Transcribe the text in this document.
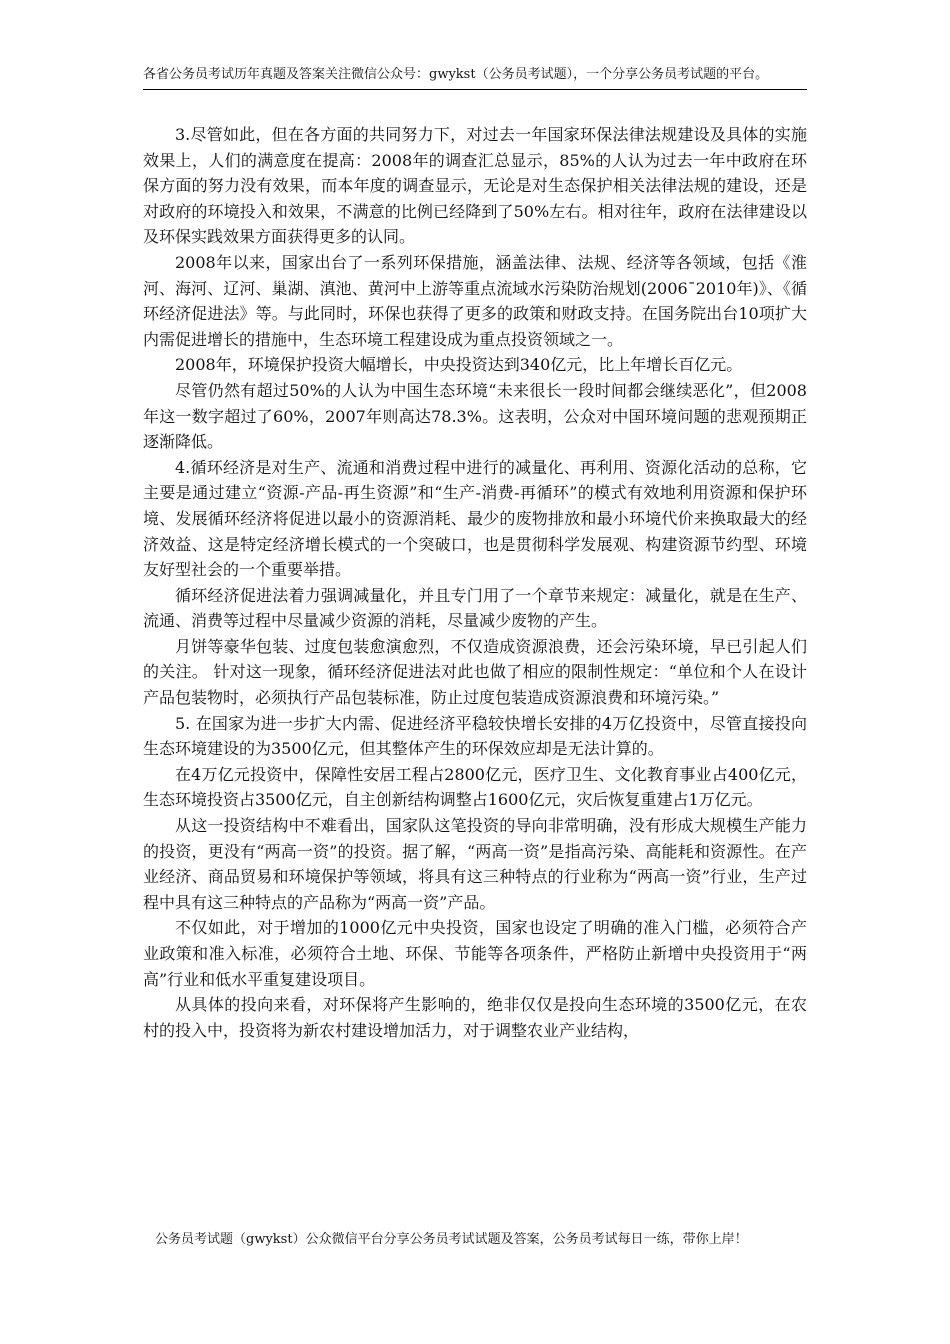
各省公务员考试历年真题及答案关注微信公众号：gwykst（公务员考试题），一个分享公务员考试题的平台。

3.尽管如此，但在各方面的共同努力下，对过去一年国家环保法律法规建设及具体的实施效果上，人们的满意度在提高：2008年的调查汇总显示，85%的人认为过去一年中政府在环保方面的努力没有效果，而本年度的调查显示，无论是对生态保护相关法律法规的建设，还是对政府的环境投入和效果，不满意的比例已经降到了50%左右。相对往年，政府在法律建设以及环保实践效果方面获得更多的认同。

2008年以来，国家出台了一系列环保措施，涵盖法律、法规、经济等各领域，包括《淮河、海河、辽河、巢湖、滇池、黄河中上游等重点流域水污染防治规划(2006¯2010年)》、《循环经济促进法》等。与此同时，环保也获得了更多的政策和财政支持。在国务院出台10项扩大内需促进增长的措施中，生态环境工程建设成为重点投资领域之一。

2008年，环境保护投资大幅增长，中央投资达到340亿元，比上年增长百亿元。

尽管仍然有超过50%的人认为中国生态环境“未来很长一段时间都会继续恶化”，但2008年这一数字超过了60%，2007年则高达78.3%。这表明，公众对中国环境问题的悲观预期正逐渐降低。

4.循环经济是对生产、流通和消费过程中进行的减量化、再利用、资源化活动的总称，它主要是通过建立“资源-产品-再生资源”和“生产-消费-再循环”的模式有效地利用资源和保护环境、发展循环经济将促进以最小的资源消耗、最少的废物排放和最小环境代价来换取最大的经济效益、这是特定经济增长模式的一个突破口，也是贯彻科学发展观、构建资源节约型、环境友好型社会的一个重要举措。

循环经济促进法着力强调减量化，并且专门用了一个章节来规定：减量化，就是在生产、流通、消费等过程中尽量减少资源的消耗，尽量减少废物的产生。

月饼等豪华包装、过度包装愈演愈烈，不仅造成资源浪费，还会污染环境，早已引起人们的关注。 针对这一现象，循环经济促进法对此也做了相应的限制性规定：“单位和个人在设计产品包装物时，必须执行产品包装标准，防止过度包装造成资源浪费和环境污染。”

5. 在国家为进一步扩大内需、促进经济平稳较快增长安排的4万亿投资中，尽管直接投向生态环境建设的为3500亿元，但其整体产生的环保效应却是无法计算的。

在4万亿元投资中，保障性安居工程占2800亿元，医疗卫生、文化教育事业占400亿元，生态环境投资占3500亿元，自主创新结构调整占1600亿元，灾后恢复重建占1万亿元。

从这一投资结构中不难看出，国家队这笔投资的导向非常明确，没有形成大规模生产能力的投资，更没有“两高一资”的投资。据了解，“两高一资”是指高污染、高能耗和资源性。在产业经济、商品贸易和环境保护等领域，将具有这三种特点的行业称为“两高一资”行业，生产过程中具有这三种特点的产品称为“两高一资”产品。

不仅如此，对于增加的1000亿元中央投资，国家也设定了明确的准入门槛，必须符合产业政策和准入标准，必须符合土地、环保、节能等各项条件，严格防止新增中央投资用于“两高”行业和低水平重复建设项目。

从具体的投向来看，对环保将产生影响的，绝非仅仅是投向生态环境的3500亿元，在农村的投入中，投资将为新农村建设增加活力，对于调整农业产业结构，

公务员考试题（gwykst）公众微信平台分享公务员考试试题及答案，公务员考试每日一练，带你上岸！
